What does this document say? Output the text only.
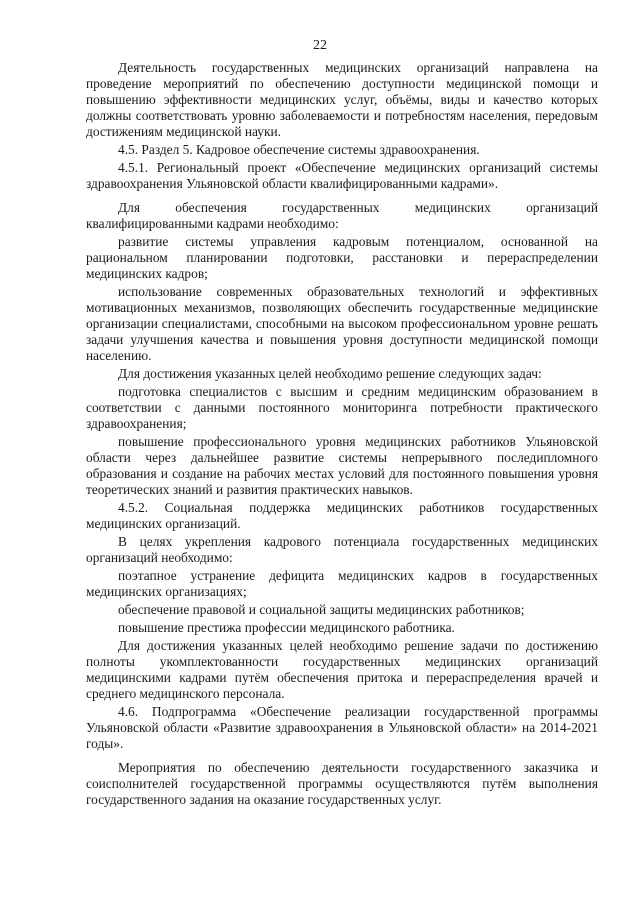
22

Деятельность государственных медицинских организаций направлена на проведение мероприятий по обеспечению доступности медицинской помощи и повышению эффективности медицинских услуг, объёмы, виды и качество которых должны соответствовать уровню заболеваемости и потребностям населения, передовым достижениям медицинской науки.

4.5. Раздел 5. Кадровое обеспечение системы здравоохранения.

4.5.1. Региональный проект «Обеспечение медицинских организаций системы здравоохранения Ульяновской области квалифицированными кадрами».

Для обеспечения государственных медицинских организаций квалифицированными кадрами необходимо:

развитие системы управления кадровым потенциалом, основанной на рациональном планировании подготовки, расстановки и перераспределении медицинских кадров;

использование современных образовательных технологий и эффективных мотивационных механизмов, позволяющих обеспечить государственные медицинские организации специалистами, способными на высоком профессиональном уровне решать задачи улучшения качества и повышения уровня доступности медицинской помощи населению.

Для достижения указанных целей необходимо решение следующих задач:

подготовка специалистов с высшим и средним медицинским образованием в соответствии с данными постоянного мониторинга потребности практического здравоохранения;

повышение профессионального уровня медицинских работников Ульяновской области через дальнейшее развитие системы непрерывного последипломного образования и создание на рабочих местах условий для постоянного повышения уровня теоретических знаний и развития практических навыков.

4.5.2. Социальная поддержка медицинских работников государственных медицинских организаций.

В целях укрепления кадрового потенциала государственных медицинских организаций необходимо:

поэтапное устранение дефицита медицинских кадров в государственных медицинских организациях;

обеспечение правовой и социальной защиты медицинских работников;

повышение престижа профессии медицинского работника.

Для достижения указанных целей необходимо решение задачи по достижению полноты укомплектованности государственных медицинских организаций медицинскими кадрами путём обеспечения притока и перераспределения врачей и среднего медицинского персонала.

4.6. Подпрограмма «Обеспечение реализации государственной программы Ульяновской области «Развитие здравоохранения в Ульяновской области» на 2014-2021 годы».

Мероприятия по обеспечению деятельности государственного заказчика и соисполнителей государственной программы осуществляются путём выполнения государственного задания на оказание государственных услуг.
